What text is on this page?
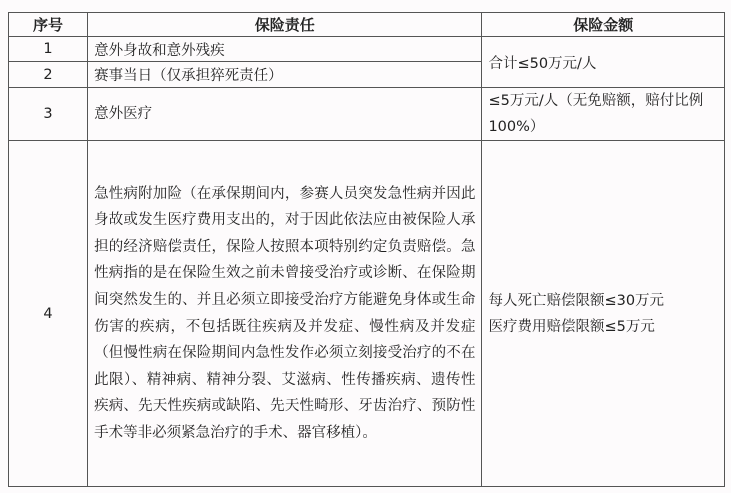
序号	保险责任	保险金额
1	意外身故和意外残疾	合计≤50万元/人
2	赛事当日（仅承担猝死责任）	
3	意外医疗	≤5万元/人（无免赔额，赔付比例100%）
4	急性病附加险（在承保期间内，参赛人员突发急性病并因此身故或发生医疗费用支出的，对于因此依法应由被保险人承担的经济赔偿责任，保险人按照本项特别约定负责赔偿。急性病指的是在保险生效之前未曾接受治疗或诊断、在保险期间突然发生的、并且必须立即接受治疗方能避免身体或生命伤害的疾病，不包括既往疾病及并发症、慢性病及并发症（但慢性病在保险期间内急性发作必须立刻接受治疗的不在此限）、精神病、精神分裂、艾滋病、性传播疾病、遗传性疾病、先天性疾病或缺陷、先天性畸形、牙齿治疗、预防性手术等非必须紧急治疗的手术、器官移植）。	每人死亡赔偿限额≤30万元
医疗费用赔偿限额≤5万元
